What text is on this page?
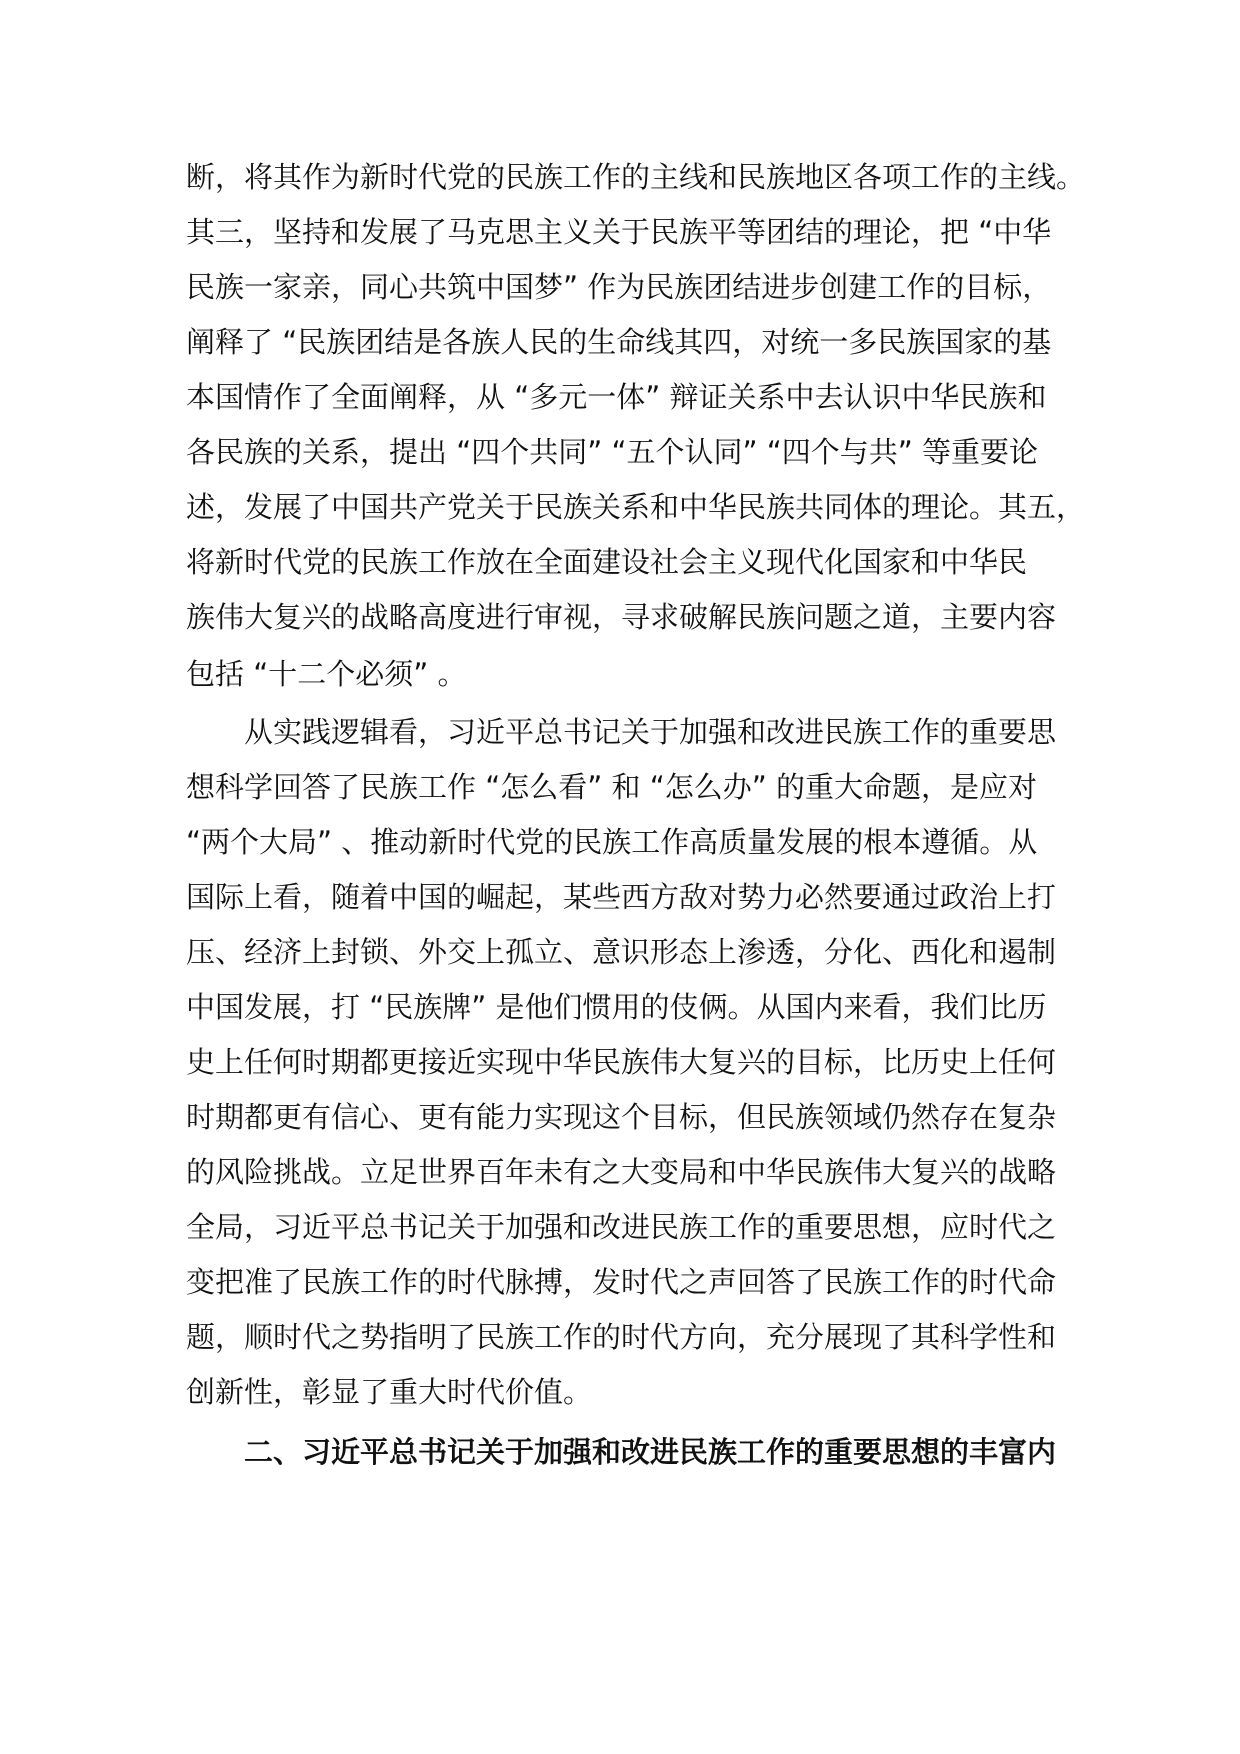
断，将其作为新时代党的民族工作的主线和民族地区各项工作的主线。
其三，坚持和发展了马克思主义关于民族平等团结的理论，把 “中华
民族一家亲，同心共筑中国梦” 作为民族团结进步创建工作的目标，
阐释了 “民族团结是各族人民的生命线其四，对统一多民族国家的基
本国情作了全面阐释，从 “多元一体” 辩证关系中去认识中华民族和
各民族的关系，提出 “四个共同” “五个认同” “四个与共” 等重要论
述，发展了中国共产党关于民族关系和中华民族共同体的理论。其五，
将新时代党的民族工作放在全面建设社会主义现代化国家和中华民
族伟大复兴的战略高度进行审视，寻求破解民族问题之道，主要内容
包括 “十二个必须” 。
从实践逻辑看，习近平总书记关于加强和改进民族工作的重要思
想科学回答了民族工作 “怎么看” 和 “怎么办” 的重大命题，是应对
“两个大局” 、推动新时代党的民族工作高质量发展的根本遵循。从
国际上看，随着中国的崛起，某些西方敌对势力必然要通过政治上打
压、经济上封锁、外交上孤立、意识形态上渗透，分化、西化和遏制
中国发展，打 “民族牌” 是他们惯用的伎俩。从国内来看，我们比历
史上任何时期都更接近实现中华民族伟大复兴的目标，比历史上任何
时期都更有信心、更有能力实现这个目标，但民族领域仍然存在复杂
的风险挑战。立足世界百年未有之大变局和中华民族伟大复兴的战略
全局，习近平总书记关于加强和改进民族工作的重要思想，应时代之
变把准了民族工作的时代脉搏，发时代之声回答了民族工作的时代命
题，顺时代之势指明了民族工作的时代方向，充分展现了其科学性和
创新性，彰显了重大时代价值。
二、习近平总书记关于加强和改进民族工作的重要思想的丰富内
